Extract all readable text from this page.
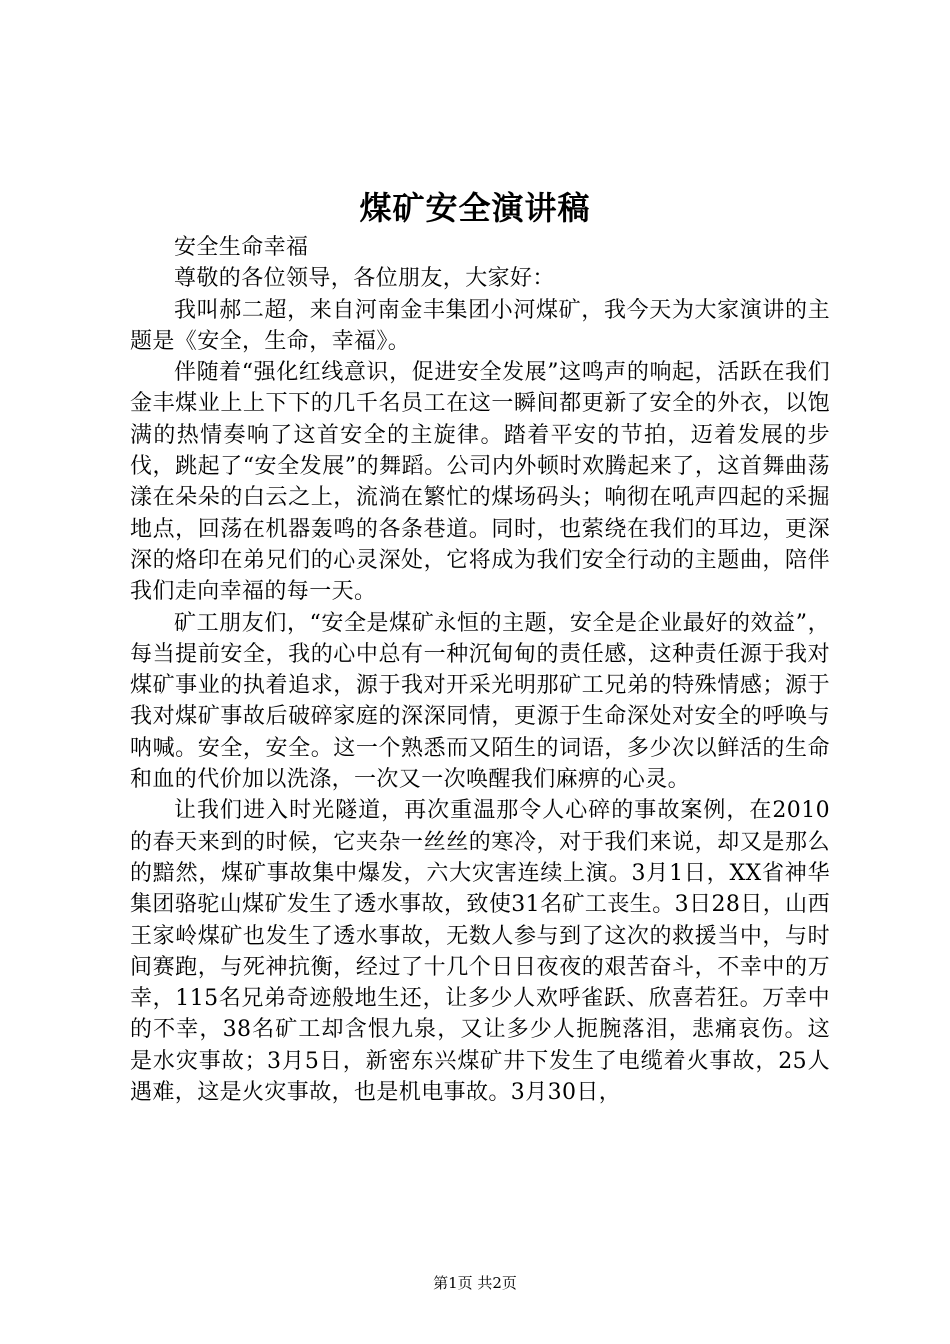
煤矿安全演讲稿

安全生命幸福

尊敬的各位领导，各位朋友，大家好：

我叫郝二超，来自河南金丰集团小河煤矿，我今天为大家演讲的主题是《安全，生命，幸福》。

伴随着“强化红线意识，促进安全发展”这鸣声的响起，活跃在我们金丰煤业上上下下的几千名员工在这一瞬间都更新了安全的外衣，以饱满的热情奏响了这首安全的主旋律。踏着平安的节拍，迈着发展的步伐，跳起了“安全发展”的舞蹈。公司内外顿时欢腾起来了，这首舞曲荡漾在朵朵的白云之上，流淌在繁忙的煤场码头；响彻在吼声四起的采掘地点，回荡在机器轰鸣的各条巷道。同时，也萦绕在我们的耳边，更深深的烙印在弟兄们的心灵深处，它将成为我们安全行动的主题曲，陪伴我们走向幸福的每一天。

矿工朋友们，“安全是煤矿永恒的主题，安全是企业最好的效益”，每当提前安全，我的心中总有一种沉甸甸的责任感，这种责任源于我对煤矿事业的执着追求，源于我对开采光明那矿工兄弟的特殊情感；源于我对煤矿事故后破碎家庭的深深同情，更源于生命深处对安全的呼唤与呐喊。安全，安全。这一个熟悉而又陌生的词语，多少次以鲜活的生命和血的代价加以洗涤，一次又一次唤醒我们麻痹的心灵。

让我们进入时光隧道，再次重温那令人心碎的事故案例，在2010的春天来到的时候，它夹杂一丝丝的寒冷，对于我们来说，却又是那么的黯然，煤矿事故集中爆发，六大灾害连续上演。3月1日，XX省神华集团骆驼山煤矿发生了透水事故，致使31名矿工丧生。3日28日，山西王家岭煤矿也发生了透水事故，无数人参与到了这次的救援当中，与时间赛跑，与死神抗衡，经过了十几个日日夜夜的艰苦奋斗，不幸中的万幸，115名兄弟奇迹般地生还，让多少人欢呼雀跃、欣喜若狂。万幸中的不幸，38名矿工却含恨九泉，又让多少人扼腕落泪，悲痛哀伤。这是水灾事故；3月5日，新密东兴煤矿井下发生了电缆着火事故，25人遇难，这是火灾事故，也是机电事故。3月30日，

第1页 共2页
